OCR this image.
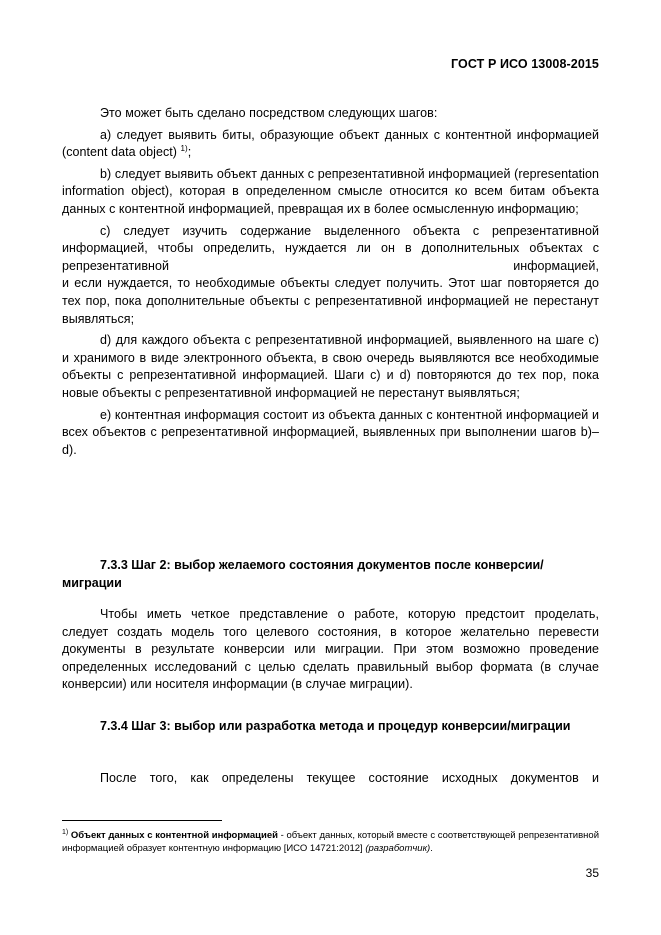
ГОСТ Р ИСО 13008-2015

Это может быть сделано посредством следующих шагов:

а) следует выявить биты, образующие объект данных с контентной информацией (content data object) $^{1)}$;

b) следует выявить объект данных с репрезентативной информацией (representation information object), которая в определенном смысле относится ко всем битам объекта данных с контентной информацией, превращая их в более осмысленную информацию;

с) следует изучить содержание выделенного объекта с репрезентативной информацией, чтобы определить, нуждается ли он в дополнительных объектах с репрезентативной информацией,

и если нуждается, то необходимые объекты следует получить. Этот шаг повторяется до тех пор, пока дополнительные объекты с репрезентативной информацией не перестанут выявляться;

d) для каждого объекта с репрезентативной информацией, выявленного на шаге с) и хранимого в виде электронного объекта, в свою очередь выявляются все необходимые объекты с репрезентативной информацией. Шаги с) и d) повторяются до тех пор, пока новые объекты с репрезентативной информацией не перестанут выявляться;

е) контентная информация состоит из объекта данных с контентной информацией и всех объектов с репрезентативной информацией, выявленных при выполнении шагов b)–d).

7.3.3 Шаг 2: выбор желаемого состояния документов после конверсии/миграции

Чтобы иметь четкое представление о работе, которую предстоит проделать, следует создать модель того целевого состояния, в которое желательно перевести документы в результате конверсии или миграции. При этом возможно проведение определенных исследований с целью сделать правильный выбор формата (в случае конверсии) или носителя информации (в случае миграции).

7.3.4 Шаг 3: выбор или разработка метода и процедур конверсии/миграции

После того, как определены текущее состояние исходных документов и

$^{1)}$ Объект данных с контентной информацией - объект данных, который вместе с соответствующей репрезентативной информацией образует контентную информацию [ИСО 14721:2012] (разработчик).
35
